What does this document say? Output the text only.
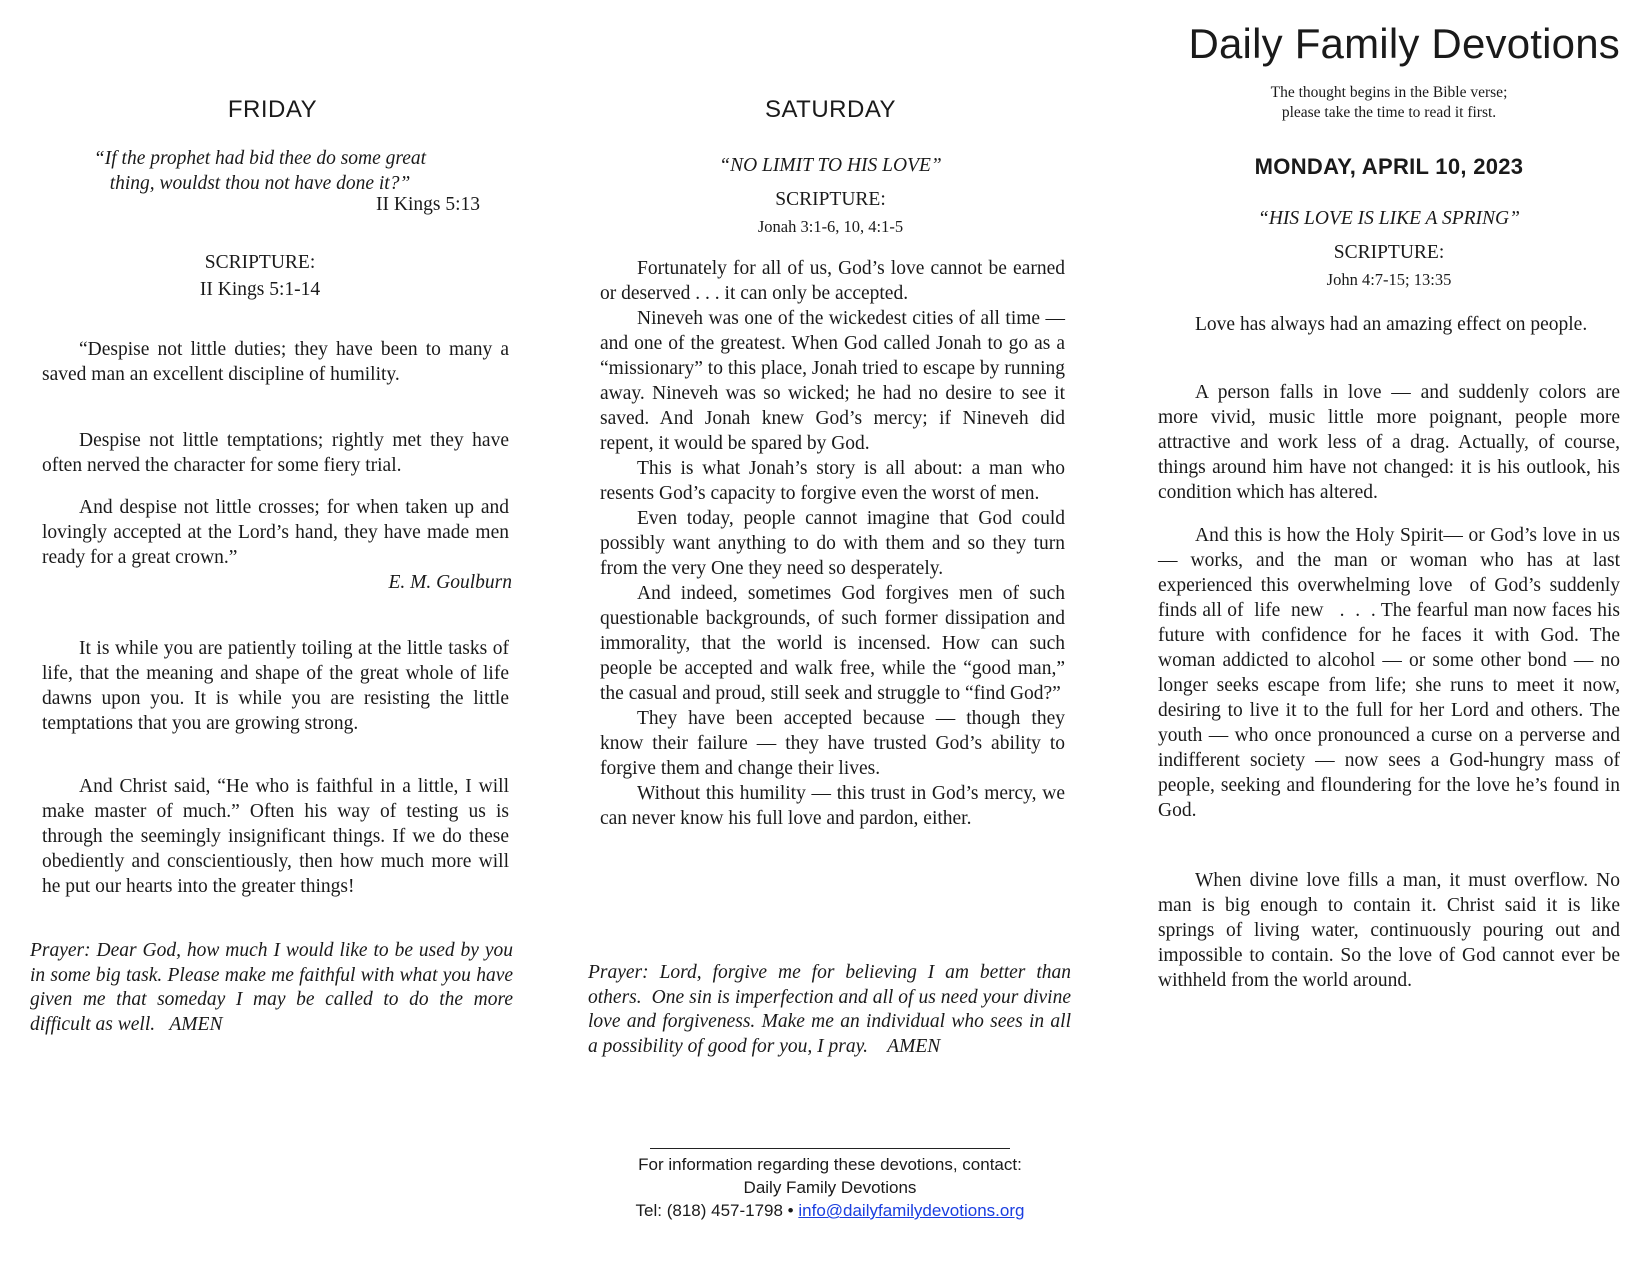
FRIDAY
“If the prophet had bid thee do some great
thing, wouldst thou not have done it?”
II Kings 5:13
SCRIPTURE:
II Kings 5:1-14

“Despise not little duties; they have been to many a saved man an excellent discipline of humility.

Despise not little temptations; rightly met they have often nerved the character for some fiery trial.

And despise not little crosses; for when taken up and lovingly accepted at the Lord’s hand, they have made men ready for a great crown.”

E. M. Goulburn

It is while you are patiently toiling at the little tasks of life, that the meaning and shape of the great whole of life dawns upon you. It is while you are resisting the little temptations that you are growing strong.

And Christ said, “He who is faithful in a little, I will make master of much.” Often his way of testing us is through the seemingly insignificant things. If we do these obediently and conscientiously, then how much more will he put our hearts into the greater things!

Prayer: Dear God, how much I would like to be used by you in some big task. Please make me faithful with what you have given me that someday I may be called to do the more difficult as well.   AMEN

SATURDAY
“NO LIMIT TO HIS LOVE”
SCRIPTURE:
Jonah 3:1-6, 10, 4:1-5

Fortunately for all of us, God’s love cannot be earned or deserved . . . it can only be accepted.

Nineveh was one of the wickedest cities of all time — and one of the greatest. When God called Jonah to go as a “missionary” to this place, Jonah tried to escape by running away. Nineveh was so wicked; he had no desire to see it saved. And Jonah knew God’s mercy; if Nineveh did repent, it would be spared by God.

This is what Jonah’s story is all about: a man who resents God’s capacity to forgive even the worst of men.

Even today, people cannot imagine that God could possibly want anything to do with them and so they turn from the very One they need so desperately.

And indeed, sometimes God forgives men of such questionable backgrounds, of such former dissipation and immorality, that the world is incensed. How can such people be accepted and walk free, while the “good man,” the casual and proud, still seek and struggle to “find God?”

They have been accepted because — though they know their failure — they have trusted God’s ability to forgive them and change their lives.

Without this humility — this trust in God’s mercy, we can never know his full love and pardon, either.

Prayer: Lord, forgive me for believing I am better than others.  One sin is imperfection and all of us need your divine love and forgiveness. Make me an individual who sees in all a possibility of good for you, I pray.    AMEN

Daily Family Devotions
The thought begins in the Bible verse;
please take the time to read it first.
MONDAY, APRIL 10, 2023
“HIS LOVE IS LIKE A SPRING”
SCRIPTURE:
John 4:7-15; 13:35

Love has always had an amazing effect on people.

A person falls in love — and suddenly colors are more vivid, music little more poignant, people more attractive and work less of a drag. Actually, of course, things around him have not changed: it is his outlook, his condition which has altered.

And this is how the Holy Spirit— or God’s love in us — works, and the man or woman who has at last experienced this overwhelming love  of God’s suddenly finds all of  life  new   .  .  . The fearful man now faces his future with confidence for he faces it with God. The woman addicted to alcohol — or some other bond — no longer seeks escape from life; she runs to meet it now, desiring to live it to the full for her Lord and others. The youth — who once pronounced a curse on a perverse and indifferent society — now sees a God-hungry mass of people, seeking and floundering for the love he’s found in God.

When divine love fills a man, it must overflow. No man is big enough to contain it. Christ said it is like springs of living water, continuously pouring out and impossible to contain. So the love of God cannot ever be withheld from the world around.

For information regarding these devotions, contact:
Daily Family Devotions
Tel: (818) 457-1798 • info@dailyfamilydevotions.org
